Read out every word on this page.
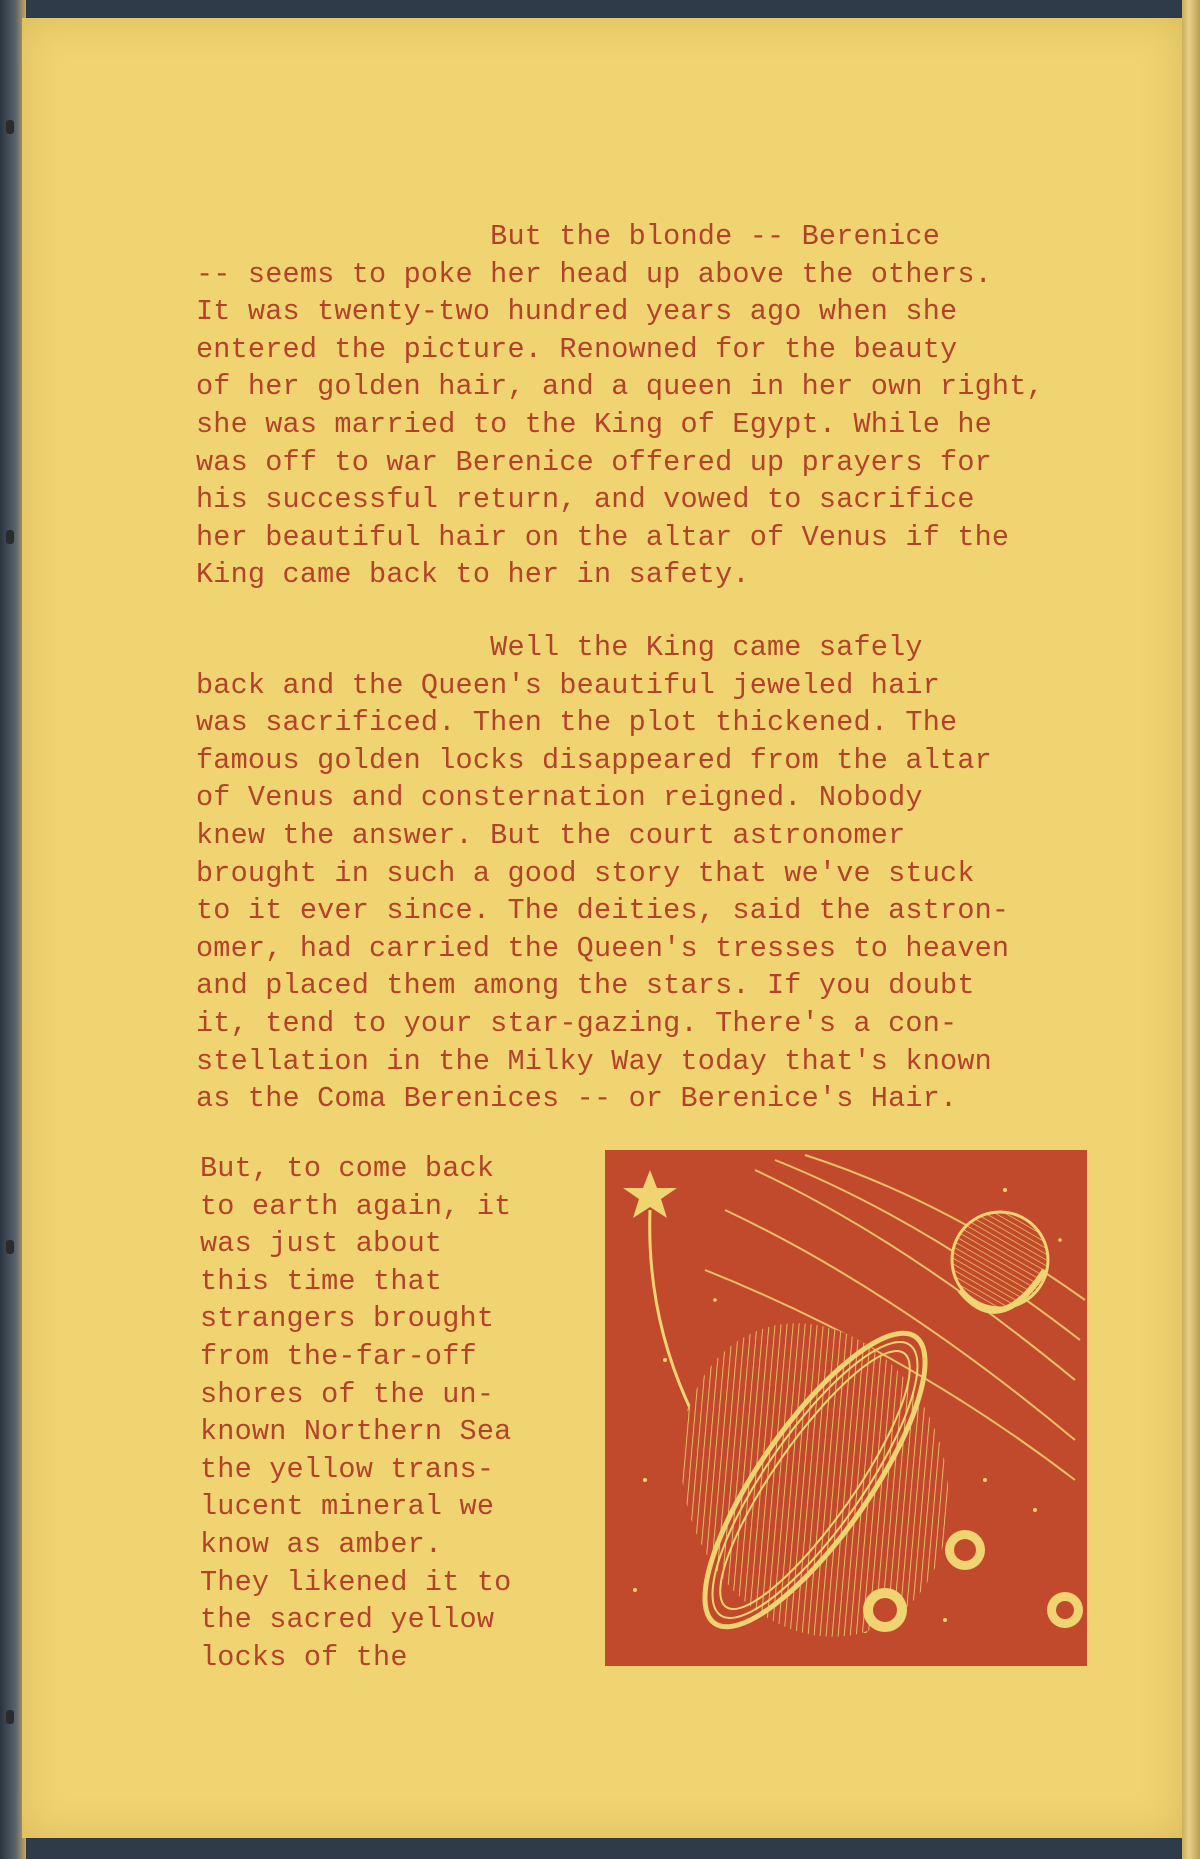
But the blonde -- Berenice
-- seems to poke her head up above the others.
It was twenty-two hundred years ago when she
entered the picture. Renowned for the beauty
of her golden hair, and a queen in her own right,
she was married to the King of Egypt. While he
was off to war Berenice offered up prayers for
his successful return, and vowed to sacrifice
her beautiful hair on the altar of Venus if the
King came back to her in safety.
Well the King came safely
back and the Queen's beautiful jeweled hair
was sacrificed. Then the plot thickened. The
famous golden locks disappeared from the altar
of Venus and consternation reigned. Nobody
knew the answer. But the court astronomer
brought in such a good story that we've stuck
to it ever since. The deities, said the astron-
omer, had carried the Queen's tresses to heaven
and placed them among the stars. If you doubt
it, tend to your star-gazing. There's a con-
stellation in the Milky Way today that's known
as the Coma Berenices -- or Berenice's Hair.
But, to come back
to earth again, it
was just about
this time that
strangers brought
from the-far-off
shores of the un-
known Northern Sea
the yellow trans-
lucent mineral we
know as amber.
They likened it to
the sacred yellow
locks of the
